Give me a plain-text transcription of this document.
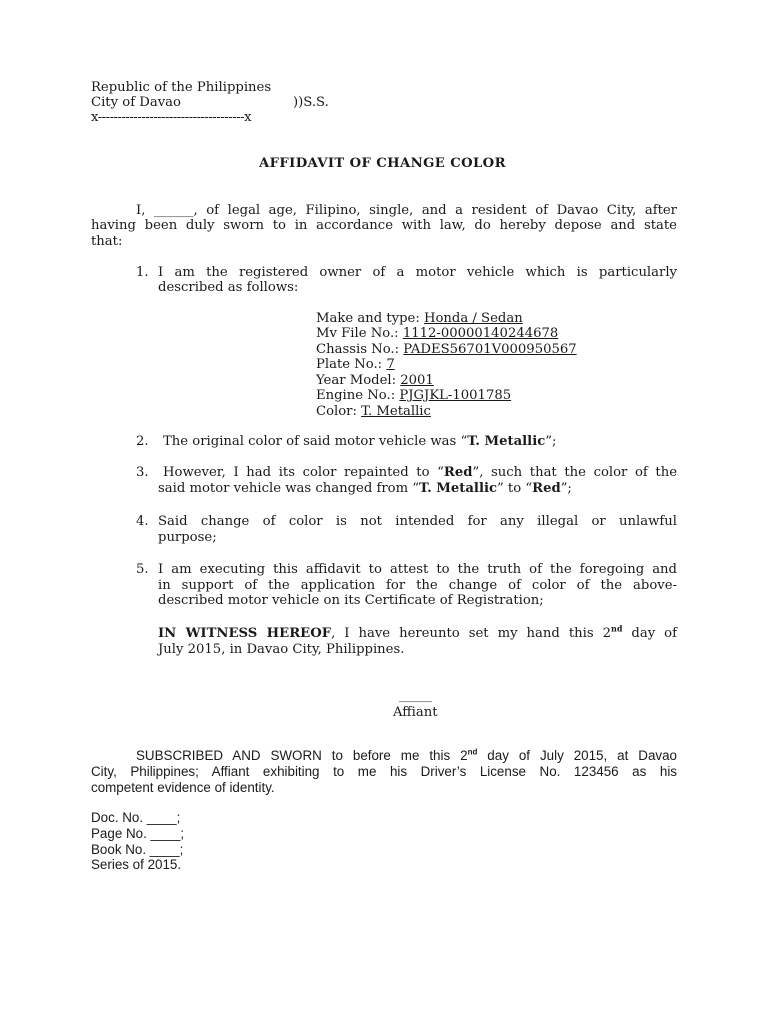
Republic of the Philippines
City of Davao	))S.S.
x-------------------------------------x
AFFIDAVIT OF CHANGE COLOR
I, ______, of legal age, Filipino, single, and a resident of Davao City, after
having been duly sworn to in accordance with law, do hereby depose and state
that:
1. I am the registered owner of a motor vehicle which is particularly
described as follows:
Make and type: Honda / Sedan
Mv File No.: 1112-00000140244678
Chassis No.: PADES56701V000950567
Plate No.: 7
Year Model: 2001
Engine No.: PJGJKL-1001785
Color: T. Metallic
2. The original color of said motor vehicle was “T. Metallic”;
3. However, I had its color repainted to “Red”, such that the color of the
said motor vehicle was changed from “T. Metallic” to “Red”;
4. Said change of color is not intended for any illegal or unlawful
purpose;
5. I am executing this affidavit to attest to the truth of the foregoing and
in support of the application for the change of color of the above-
described motor vehicle on its Certificate of Registration;
IN WITNESS HEREOF, I have hereunto set my hand this 2nd day of
July 2015, in Davao City, Philippines.
_____
Affiant
SUBSCRIBED AND SWORN to before me this 2nd day of July 2015, at Davao
City, Philippines; Affiant exhibiting to me his Driver’s License No. 123456 as his
competent evidence of identity.
Doc. No. ____;
Page No. ____;
Book No. ____;
Series of 2015.
